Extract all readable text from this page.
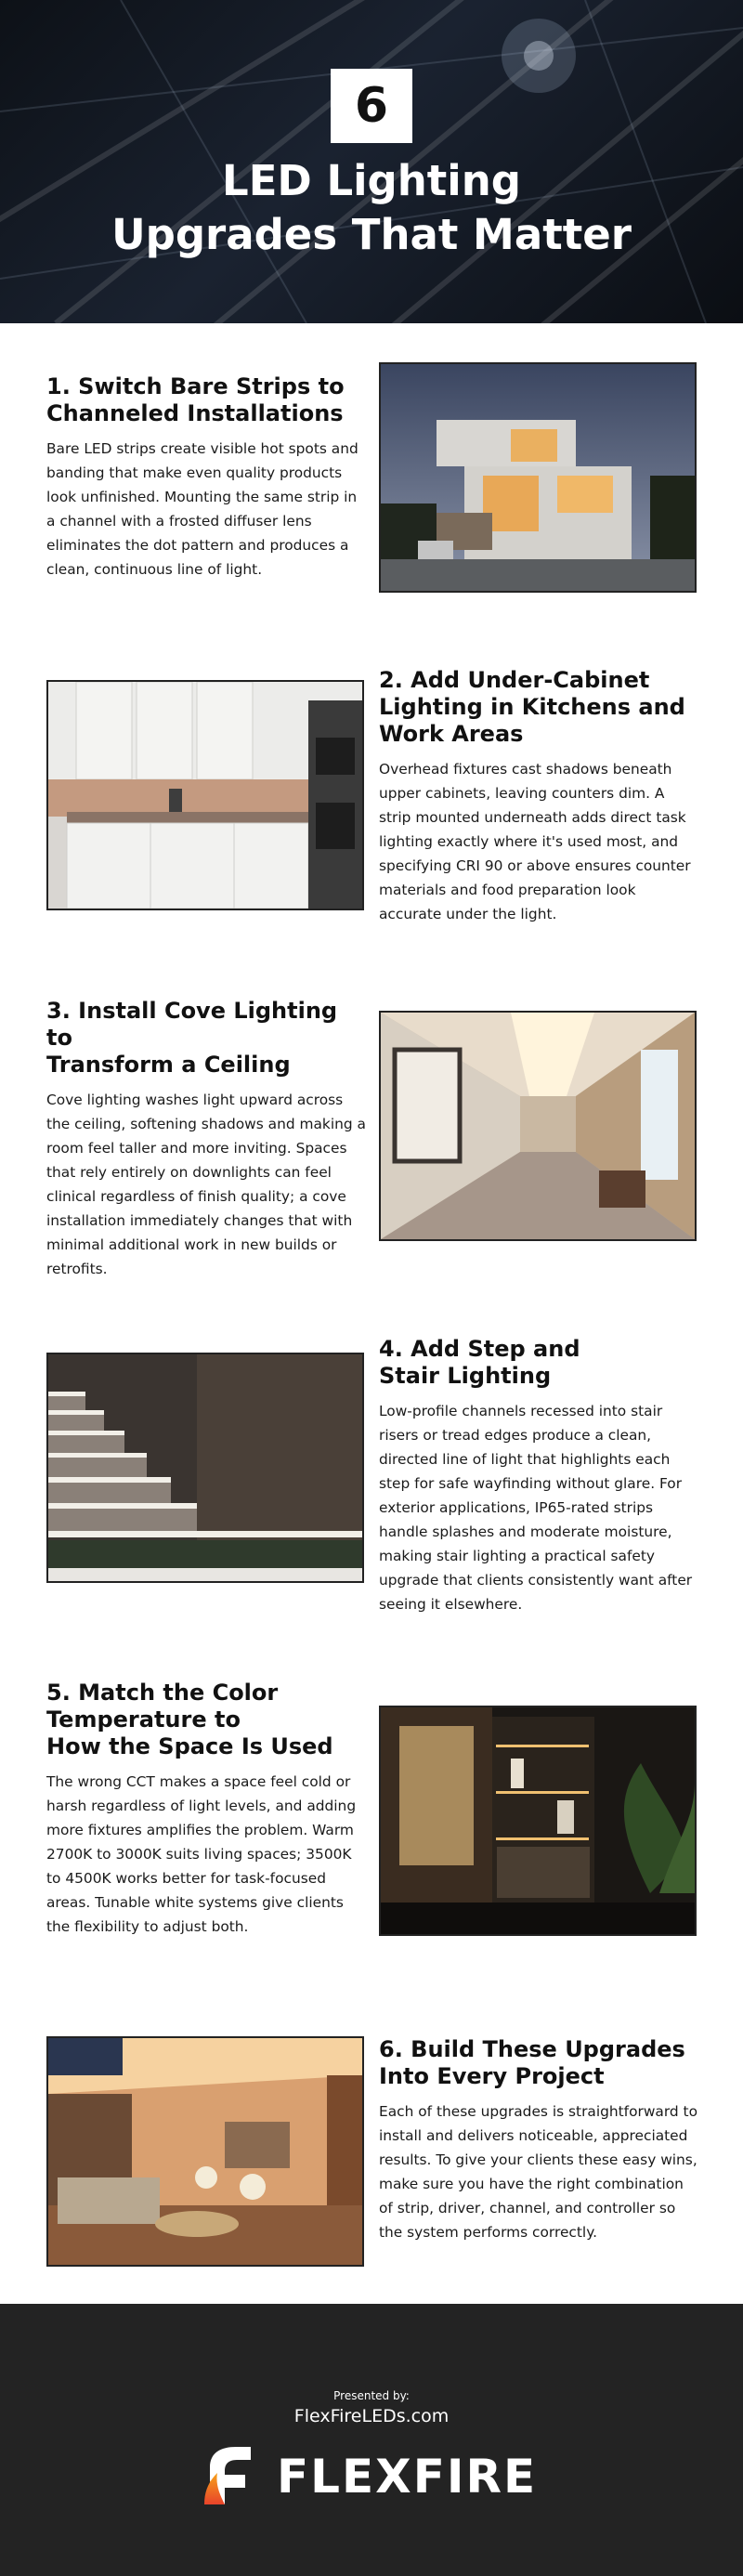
6
LED Lighting
Upgrades That Matter
1. Switch Bare Strips to
Channeled Installations
Bare LED strips create visible hot spots and banding that make even quality products look unfinished. Mounting the same strip in a channel with a frosted diffuser lens eliminates the dot pattern and produces a clean, continuous line of light.
2. Add Under-Cabinet
Lighting in Kitchens and
Work Areas
Overhead fixtures cast shadows beneath upper cabinets, leaving counters dim. A strip mounted underneath adds direct task lighting exactly where it's used most, and specifying CRI 90 or above ensures counter materials and food preparation look accurate under the light.
3. Install Cove Lighting to
Transform a Ceiling
Cove lighting washes light upward across the ceiling, softening shadows and making a room feel taller and more inviting. Spaces that rely entirely on downlights can feel clinical regardless of finish quality; a cove installation immediately changes that with minimal additional work in new builds or retrofits.
4. Add Step and
Stair Lighting
Low-profile channels recessed into stair risers or tread edges produce a clean, directed line of light that highlights each step for safe wayfinding without glare. For exterior applications, IP65-rated strips handle splashes and moderate moisture, making stair lighting a practical safety upgrade that clients consistently want after seeing it elsewhere.
5. Match the Color
Temperature to
How the Space Is Used
The wrong CCT makes a space feel cold or harsh regardless of light levels, and adding more fixtures amplifies the problem. Warm 2700K to 3000K suits living spaces; 3500K to 4500K works better for task-focused areas. Tunable white systems give clients the flexibility to adjust both.
6. Build These Upgrades
Into Every Project
Each of these upgrades is straightforward to install and delivers noticeable, appreciated results. To give your clients these easy wins, make sure you have the right combination of strip, driver, channel, and controller so the system performs correctly.
Presented by:
FlexFireLEDs.com
FLEXFIRE
